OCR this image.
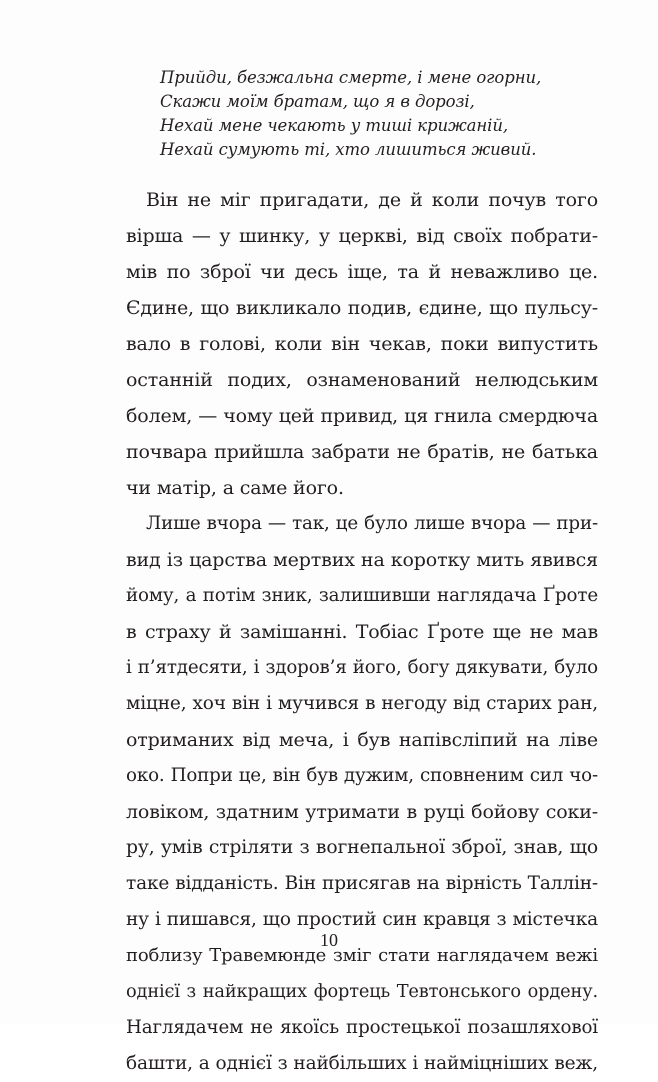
Прийди, безжальна смерте, і мене огорни,
Скажи моїм братам, що я в дорозі,
Нехай мене чекають у тиші крижаній,
Нехай сумують ті, хто лишиться живий.
Він не міг пригадати, де й коли почув того
вірша — у шинку, у церкві, від своїх побрати-
мів по зброї чи десь іще, та й неважливо це.
Єдине, що викликало подив, єдине, що пульсу-
вало в голові, коли він чекав, поки випустить
останній подих, ознаменований нелюдським
болем, — чому цей привид, ця гнила смердюча
почвара прийшла забрати не братів, не батька
чи матір, а саме його.
Лише вчора — так, це було лише вчора — при-
вид із царства мертвих на коротку мить явився
йому, а потім зник, залишивши наглядача Ґроте
в страху й замішанні. Тобіас Ґроте ще не мав
і п’ятдесяти, і здоров’я його, богу дякувати, було
міцне, хоч він і мучився в негоду від старих ран,
отриманих від меча, і був напівсліпий на ліве
око. Попри це, він був дужим, сповненим сил чо-
ловіком, здатним утримати в руці бойову соки-
ру, умів стріляти з вогнепальної зброї, знав, що
таке відданість. Він присягав на вірність Таллін-
ну і пишався, що простий син кравця з містечка
поблизу Травемюнде зміг стати наглядачем вежі
однієї з найкращих фортець Тевтонського ордену.
Наглядачем не якоїсь простецької позашляхової
башти, а однієї з найбільших і найміцніших веж,
10
